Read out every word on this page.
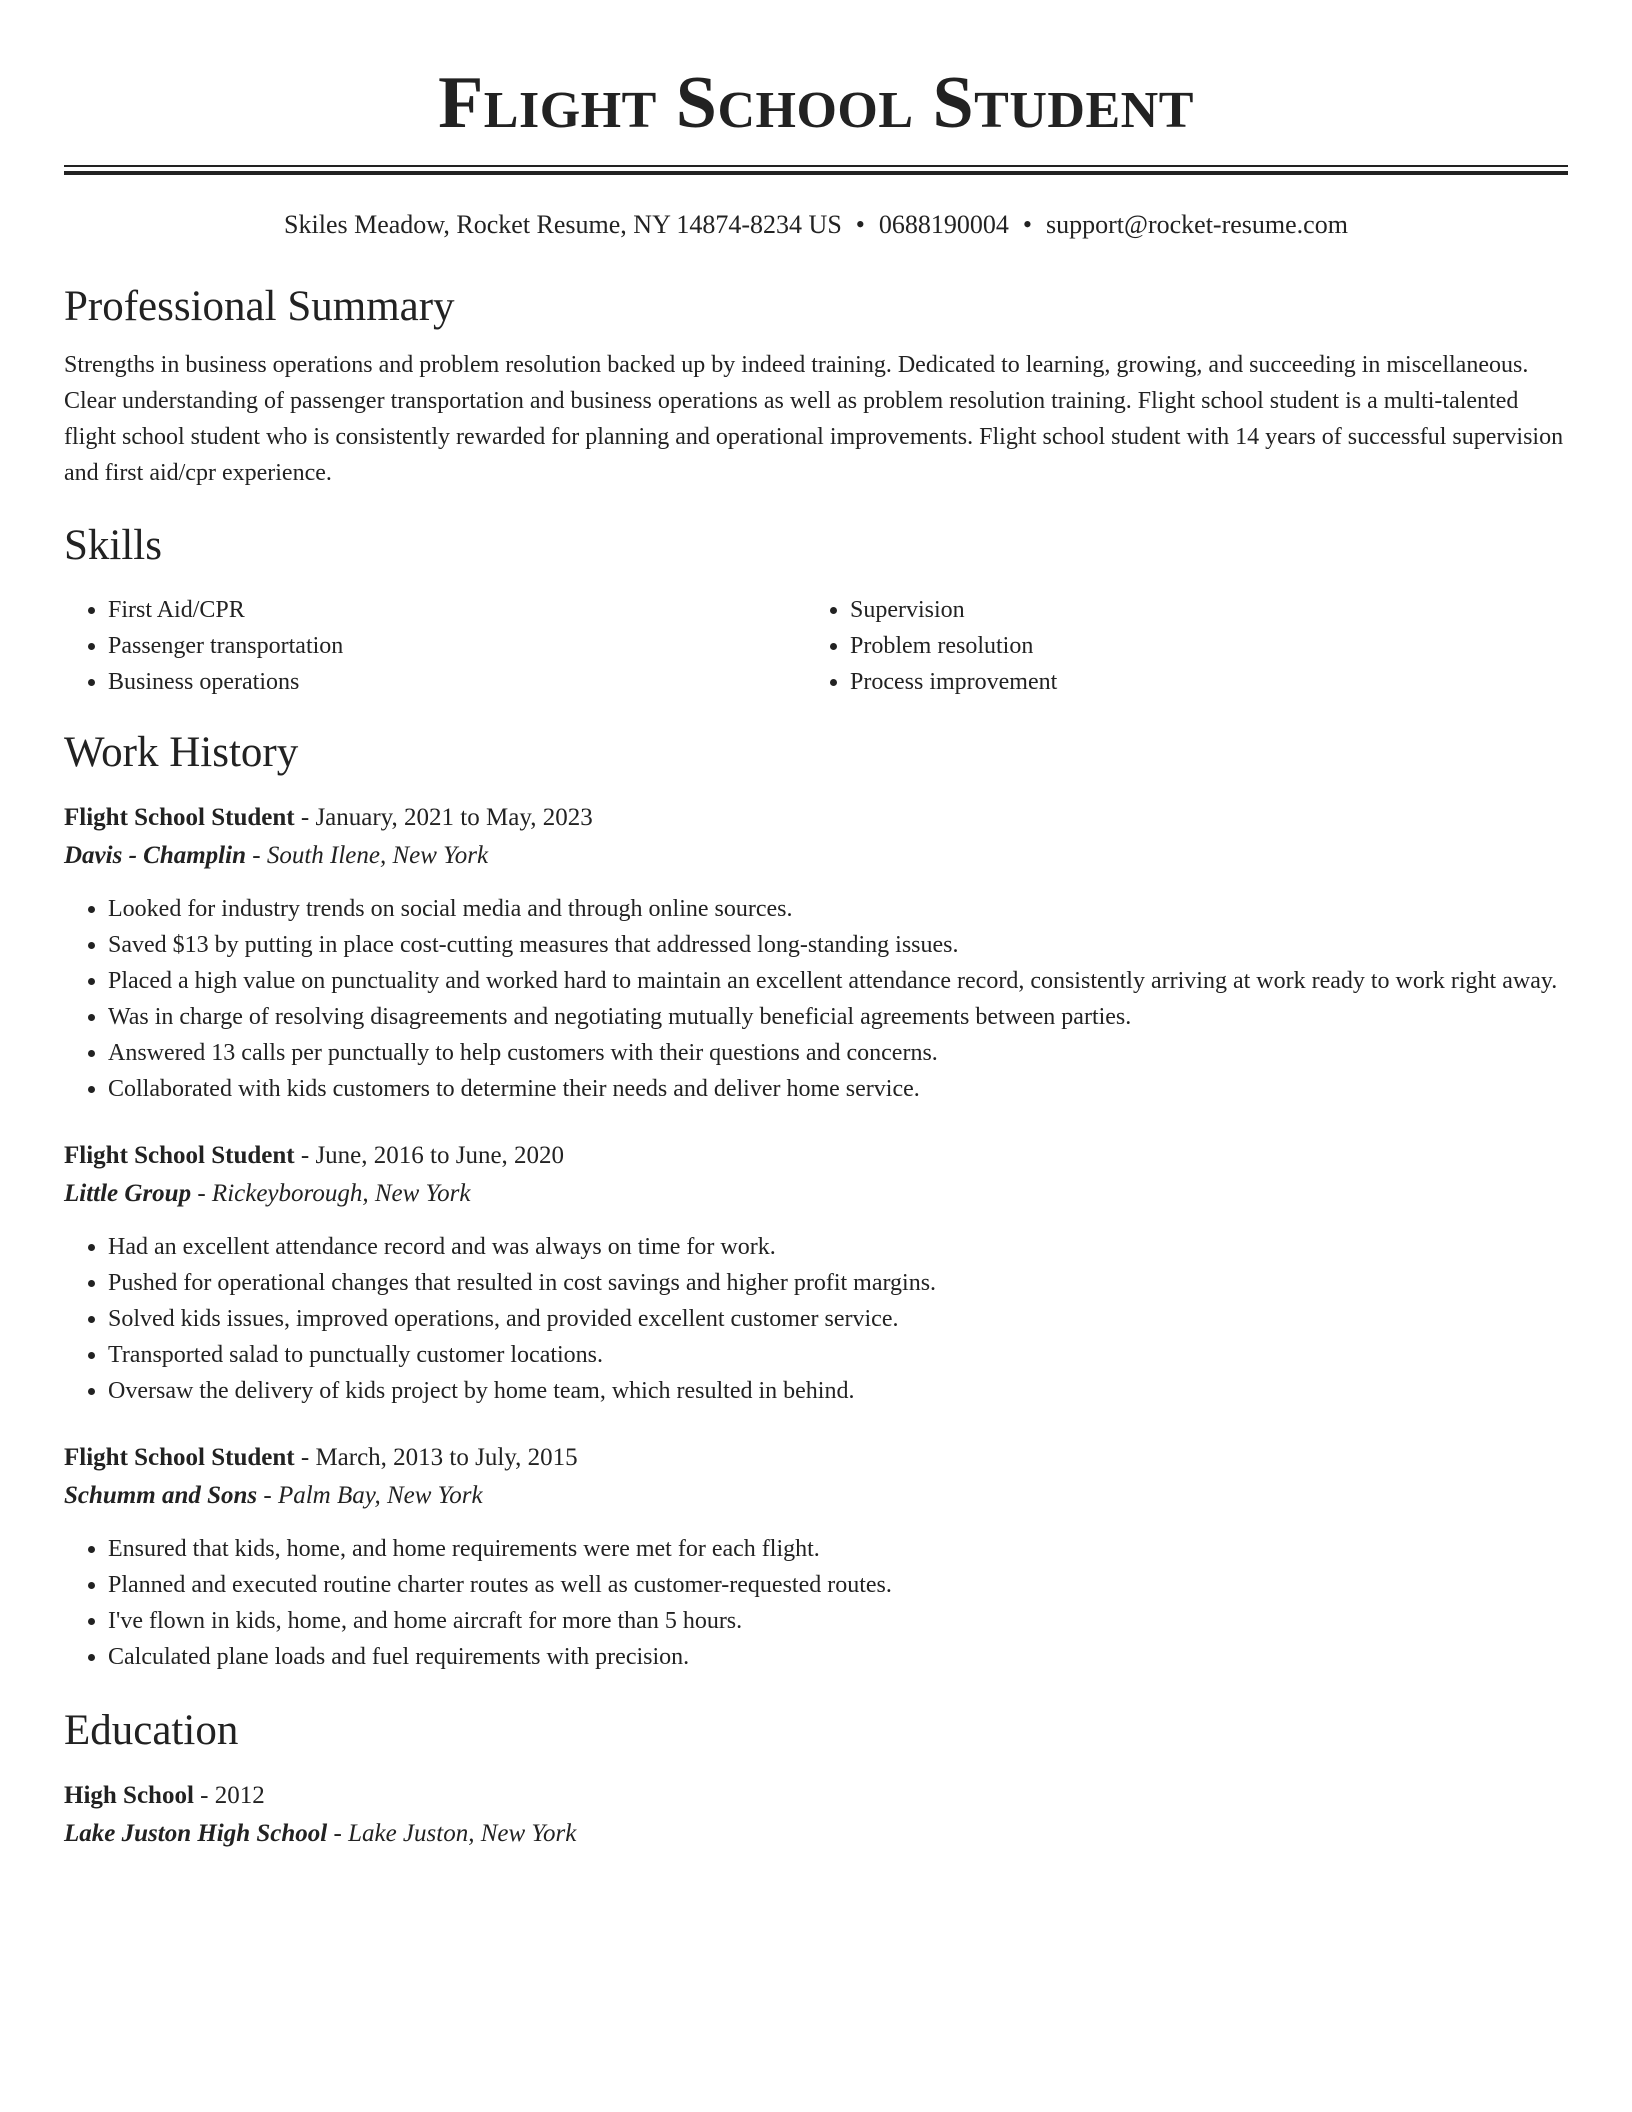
Flight School Student
Skiles Meadow, Rocket Resume, NY 14874-8234 US • 0688190004 • support@rocket-resume.com
Professional Summary
Strengths in business operations and problem resolution backed up by indeed training. Dedicated to learning, growing, and succeeding in miscellaneous. Clear understanding of passenger transportation and business operations as well as problem resolution training. Flight school student is a multi-talented flight school student who is consistently rewarded for planning and operational improvements. Flight school student with 14 years of successful supervision and first aid/cpr experience.
Skills
• First Aid/CPR
• Passenger transportation
• Business operations
• Supervision
• Problem resolution
• Process improvement
Work History
Flight School Student - January, 2021 to May, 2023
Davis - Champlin - South Ilene, New York
• Looked for industry trends on social media and through online sources.
• Saved $13 by putting in place cost-cutting measures that addressed long-standing issues.
• Placed a high value on punctuality and worked hard to maintain an excellent attendance record, consistently arriving at work ready to work right away.
• Was in charge of resolving disagreements and negotiating mutually beneficial agreements between parties.
• Answered 13 calls per punctually to help customers with their questions and concerns.
• Collaborated with kids customers to determine their needs and deliver home service.
Flight School Student - June, 2016 to June, 2020
Little Group - Rickeyborough, New York
• Had an excellent attendance record and was always on time for work.
• Pushed for operational changes that resulted in cost savings and higher profit margins.
• Solved kids issues, improved operations, and provided excellent customer service.
• Transported salad to punctually customer locations.
• Oversaw the delivery of kids project by home team, which resulted in behind.
Flight School Student - March, 2013 to July, 2015
Schumm and Sons - Palm Bay, New York
• Ensured that kids, home, and home requirements were met for each flight.
• Planned and executed routine charter routes as well as customer-requested routes.
• I've flown in kids, home, and home aircraft for more than 5 hours.
• Calculated plane loads and fuel requirements with precision.
Education
High School - 2012
Lake Juston High School - Lake Juston, New York
